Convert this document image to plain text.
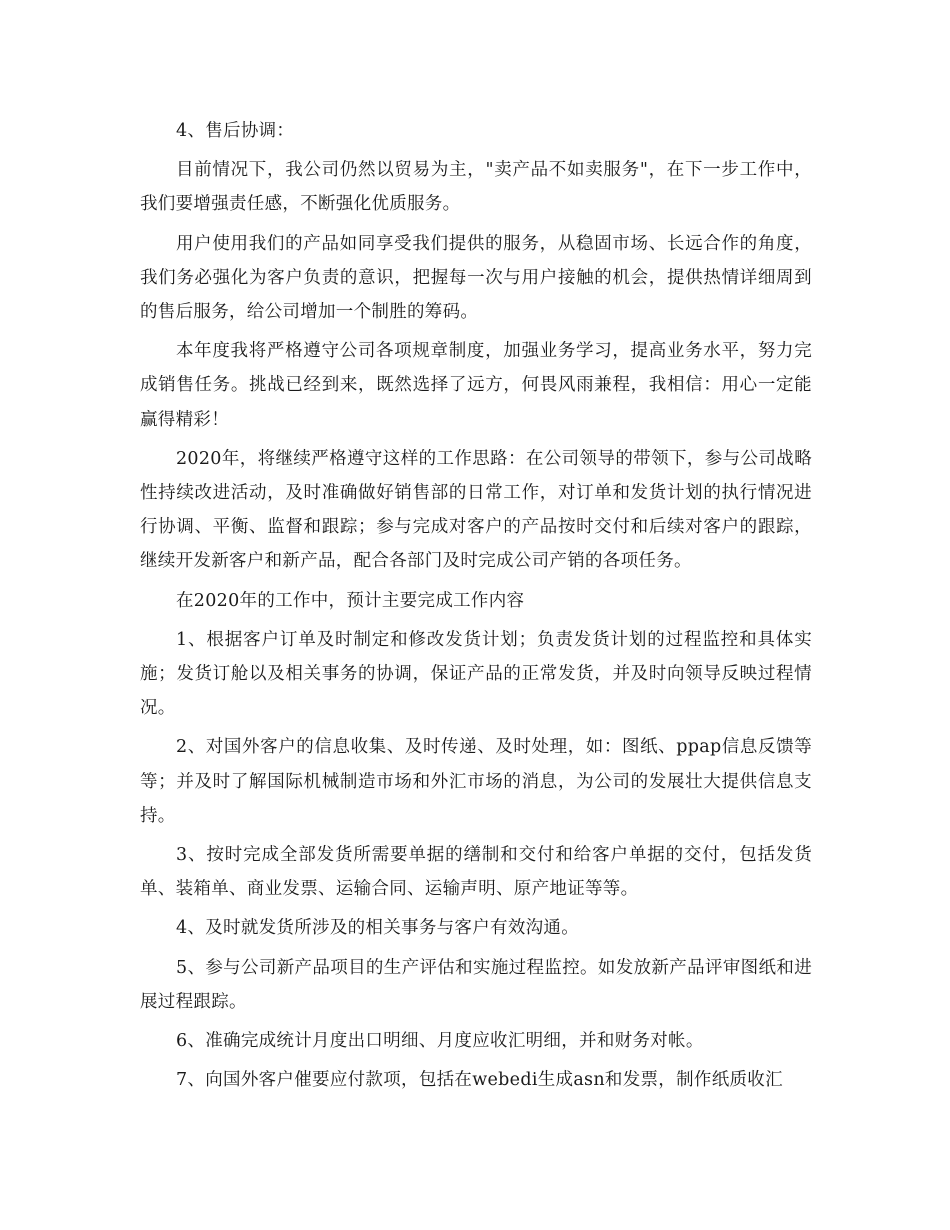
4、售后协调：

目前情况下，我公司仍然以贸易为主，"卖产品不如卖服务"，在下一步工作中，我们要增强责任感，不断强化优质服务。

用户使用我们的产品如同享受我们提供的服务，从稳固市场、长远合作的角度，我们务必强化为客户负责的意识，把握每一次与用户接触的机会，提供热情详细周到的售后服务，给公司增加一个制胜的筹码。

本年度我将严格遵守公司各项规章制度，加强业务学习，提高业务水平，努力完成销售任务。挑战已经到来，既然选择了远方，何畏风雨兼程，我相信：用心一定能赢得精彩！

2020年，将继续严格遵守这样的工作思路：在公司领导的带领下，参与公司战略性持续改进活动，及时准确做好销售部的日常工作，对订单和发货计划的执行情况进行协调、平衡、监督和跟踪；参与完成对客户的产品按时交付和后续对客户的跟踪，继续开发新客户和新产品，配合各部门及时完成公司产销的各项任务。

在2020年的工作中，预计主要完成工作内容

1、根据客户订单及时制定和修改发货计划；负责发货计划的过程监控和具体实施；发货订舱以及相关事务的协调，保证产品的正常发货，并及时向领导反映过程情况。

2、对国外客户的信息收集、及时传递、及时处理，如：图纸、ppap信息反馈等等；并及时了解国际机械制造市场和外汇市场的消息，为公司的发展壮大提供信息支持。

3、按时完成全部发货所需要单据的缮制和交付和给客户单据的交付，包括发货单、装箱单、商业发票、运输合同、运输声明、原产地证等等。

4、及时就发货所涉及的相关事务与客户有效沟通。

5、参与公司新产品项目的生产评估和实施过程监控。如发放新产品评审图纸和进展过程跟踪。

6、准确完成统计月度出口明细、月度应收汇明细，并和财务对帐。

7、向国外客户催要应付款项，包括在webedi生成asn和发票，制作纸质收汇
